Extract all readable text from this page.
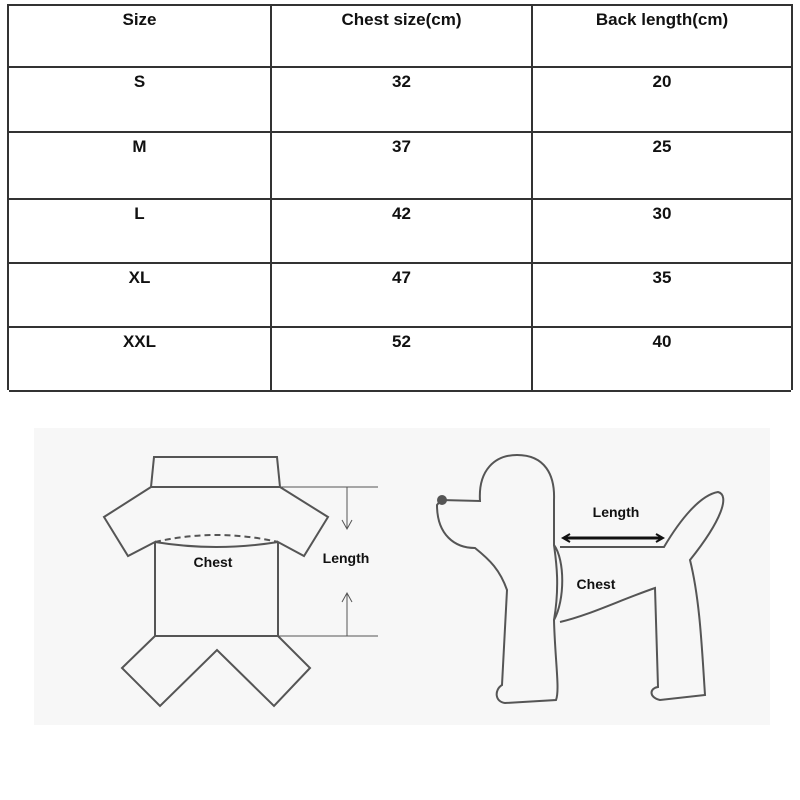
Size	Chest size(cm)	Back length(cm)
S	32	20
M	37	25
L	42	30
XL	47	35
XXL	52	40
Chest	Length
Length
Chest
